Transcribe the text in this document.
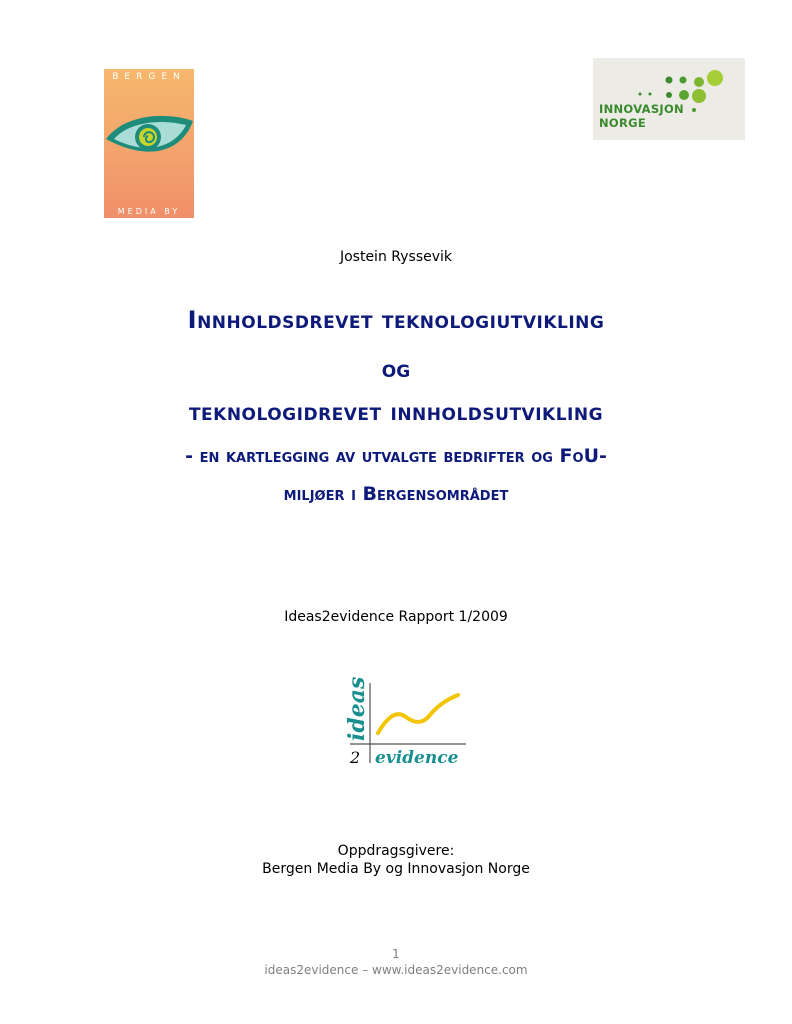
BERGEN
MEDIA BY
INNOVASJON
NORGE
Jostein Ryssevik
Innholdsdrevet teknologiutvikling
og
teknologidrevet innholdsutvikling
- en kartlegging av utvalgte bedrifter og FoU-
miljøer i Bergensområdet
Ideas2evidence Rapport 1/2009
ideas
2 evidence
Oppdragsgivere:
Bergen Media By og Innovasjon Norge
1
ideas2evidence – www.ideas2evidence.com
